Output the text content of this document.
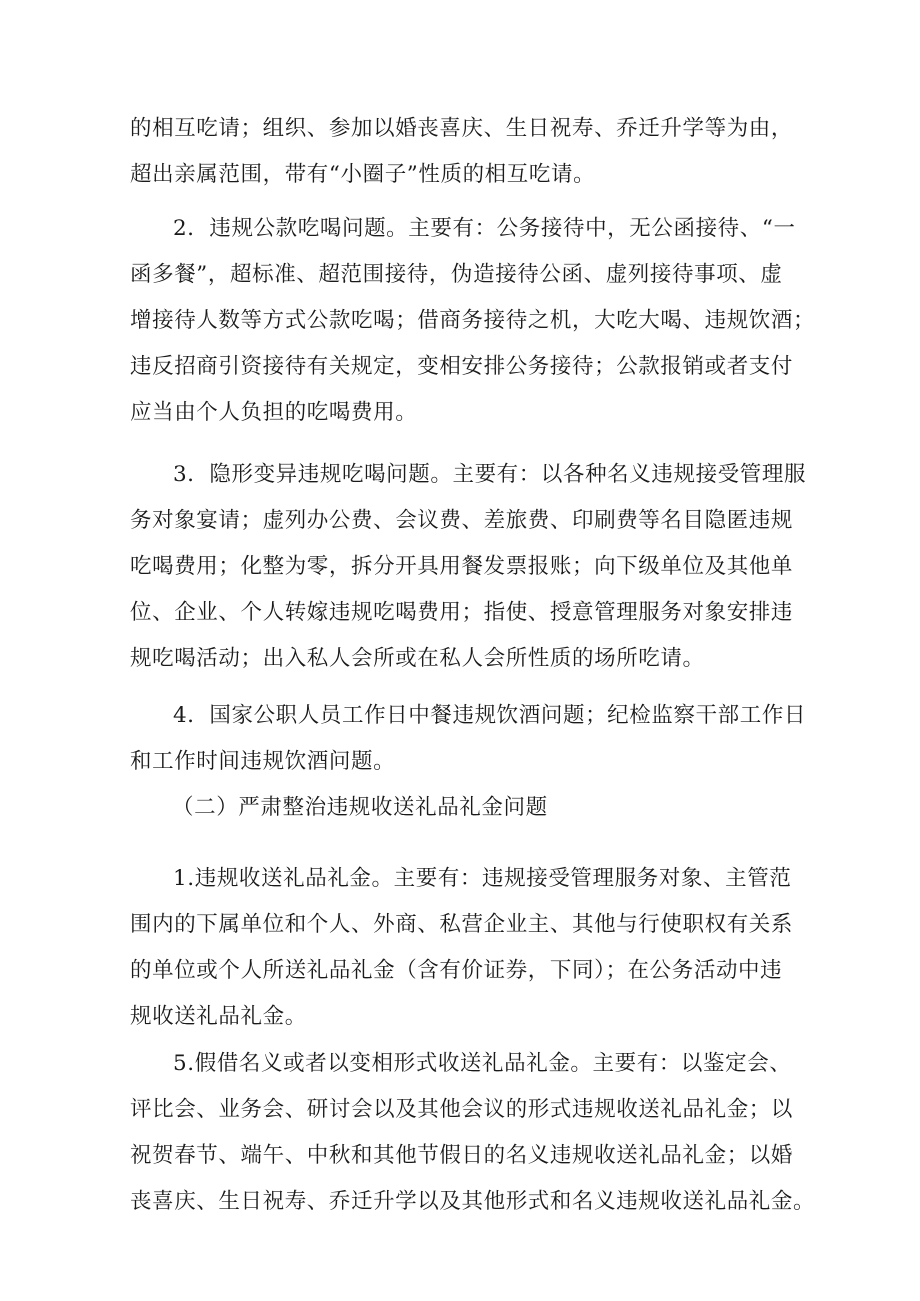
的相互吃请；组织、参加以婚丧喜庆、生日祝寿、乔迁升学等为由，
超出亲属范围，带有“小圈子”性质的相互吃请。
2．违规公款吃喝问题。主要有：公务接待中，无公函接待、“一
函多餐”，超标准、超范围接待，伪造接待公函、虚列接待事项、虚
增接待人数等方式公款吃喝；借商务接待之机，大吃大喝、违规饮酒；
违反招商引资接待有关规定，变相安排公务接待；公款报销或者支付
应当由个人负担的吃喝费用。
3．隐形变异违规吃喝问题。主要有：以各种名义违规接受管理服
务对象宴请；虚列办公费、会议费、差旅费、印刷费等名目隐匿违规
吃喝费用；化整为零，拆分开具用餐发票报账；向下级单位及其他单
位、企业、个人转嫁违规吃喝费用；指使、授意管理服务对象安排违
规吃喝活动；出入私人会所或在私人会所性质的场所吃请。
4．国家公职人员工作日中餐违规饮酒问题；纪检监察干部工作日
和工作时间违规饮酒问题。
（二）严肃整治违规收送礼品礼金问题
1.违规收送礼品礼金。主要有：违规接受管理服务对象、主管范
围内的下属单位和个人、外商、私营企业主、其他与行使职权有关系
的单位或个人所送礼品礼金（含有价证券，下同）；在公务活动中违
规收送礼品礼金。
5.假借名义或者以变相形式收送礼品礼金。主要有：以鉴定会、
评比会、业务会、研讨会以及其他会议的形式违规收送礼品礼金；以
祝贺春节、端午、中秋和其他节假日的名义违规收送礼品礼金；以婚
丧喜庆、生日祝寿、乔迁升学以及其他形式和名义违规收送礼品礼金。
